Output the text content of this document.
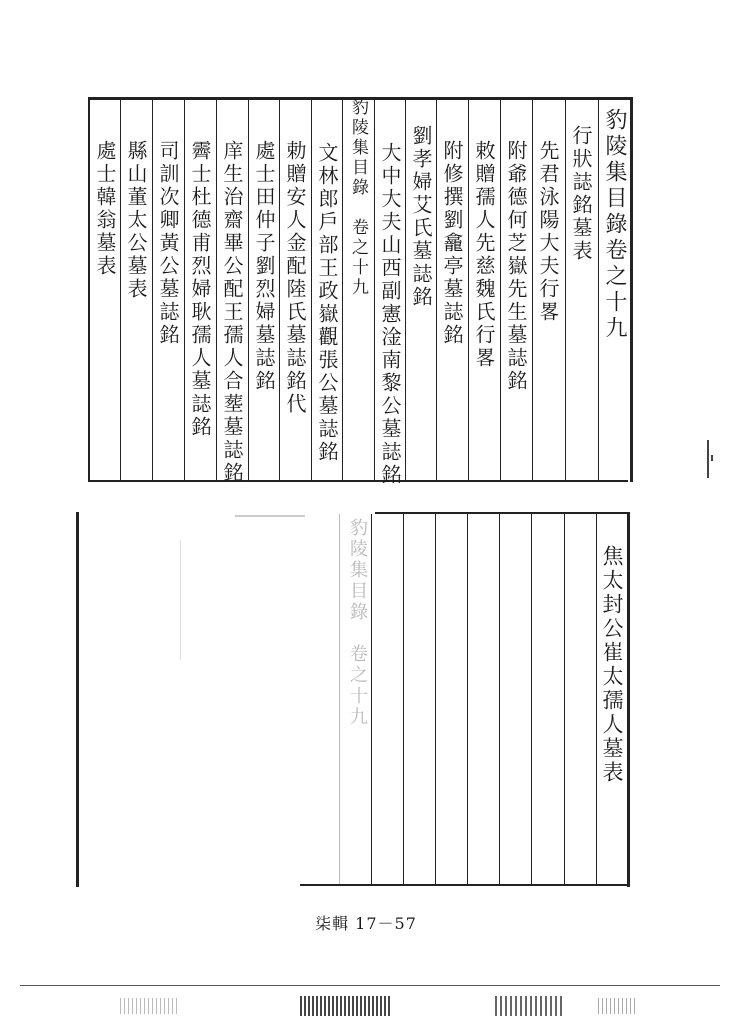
豹陵集目錄卷之十九
行狀誌銘墓表
先君泳陽大夫行畧
附爺德何芝嶽先生墓誌銘
敕贈孺人先慈魏氏行畧
附修撰劉龕亭墓誌銘
劉孝婦艾氏墓誌銘
大中大夫山西副憲淦南黎公墓誌銘
豹陵集目錄　卷之十九
文林郎戶部王政嶽觀張公墓誌銘
勅贈安人金配陸氏墓誌銘代
處士田仲子劉烈婦墓誌銘
庠生治齋畢公配王孺人合塟墓誌銘
霽士杜德甫烈婦耿孺人墓誌銘
司訓次卿黃公墓誌銘
縣山董太公墓表
處士韓翁墓表
焦太封公崔太孺人墓表
豹陵集目錄　卷之十九
柒輯 17－57
